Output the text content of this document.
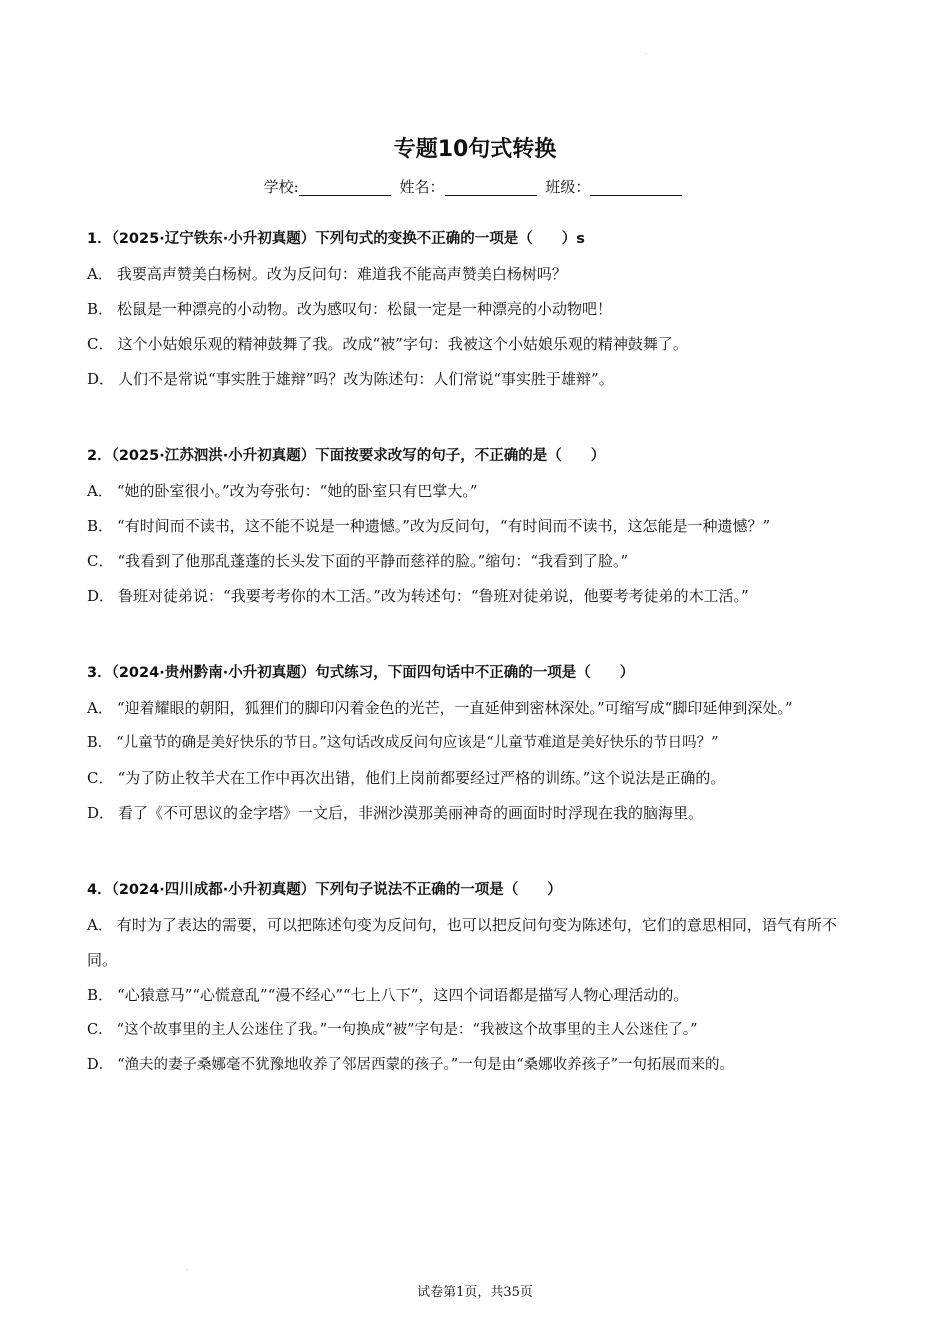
.
专题10句式转换
学校:	姓名：	班级：
1．（2025·辽宁铁东·小升初真题）下列句式的变换不正确的一项是（　　）s
A． 我要高声赞美白杨树。改为反问句：难道我不能高声赞美白杨树吗？
B． 松鼠是一种漂亮的小动物。改为感叹句：松鼠一定是一种漂亮的小动物吧！
C． 这个小姑娘乐观的精神鼓舞了我。改成“被”字句：我被这个小姑娘乐观的精神鼓舞了。
D． 人们不是常说“事实胜于雄辩”吗？改为陈述句：人们常说“事实胜于雄辩”。
2．（2025·江苏泗洪·小升初真题）下面按要求改写的句子，不正确的是（　　）
A． “她的卧室很小。”改为夸张句：“她的卧室只有巴掌大。”
B． “有时间而不读书，这不能不说是一种遗憾。”改为反问句，“有时间而不读书，这怎能是一种遗憾？”
C． “我看到了他那乱蓬蓬的长头发下面的平静而慈祥的脸。”缩句：“我看到了脸。”
D． 鲁班对徒弟说：“我要考考你的木工活。”改为转述句：“鲁班对徒弟说，他要考考徒弟的木工活。”
3．（2024·贵州黔南·小升初真题）句式练习，下面四句话中不正确的一项是（　　）
A． “迎着耀眼的朝阳，狐狸们的脚印闪着金色的光芒，一直延伸到密林深处。”可缩写成“脚印延伸到深处。”
B． “儿童节的确是美好快乐的节日。”这句话改成反问句应该是“儿童节难道是美好快乐的节日吗？”
C． “为了防止牧羊犬在工作中再次出错，他们上岗前都要经过严格的训练。”这个说法是正确的。
D． 看了《不可思议的金字塔》一文后，非洲沙漠那美丽神奇的画面时时浮现在我的脑海里。
4．（2024·四川成都·小升初真题）下列句子说法不正确的一项是（　　）
A． 有时为了表达的需要，可以把陈述句变为反问句，也可以把反问句变为陈述句，它们的意思相同，语气有所不同。
B． “心猿意马”“心慌意乱”“漫不经心”“七上八下”，这四个词语都是描写人物心理活动的。
C． “这个故事里的主人公迷住了我。”一句换成“被”字句是：“我被这个故事里的主人公迷住了。”
D． “渔夫的妻子桑娜毫不犹豫地收养了邻居西蒙的孩子。”一句是由“桑娜收养孩子”一句拓展而来的。
.
试卷第1页，共35页
